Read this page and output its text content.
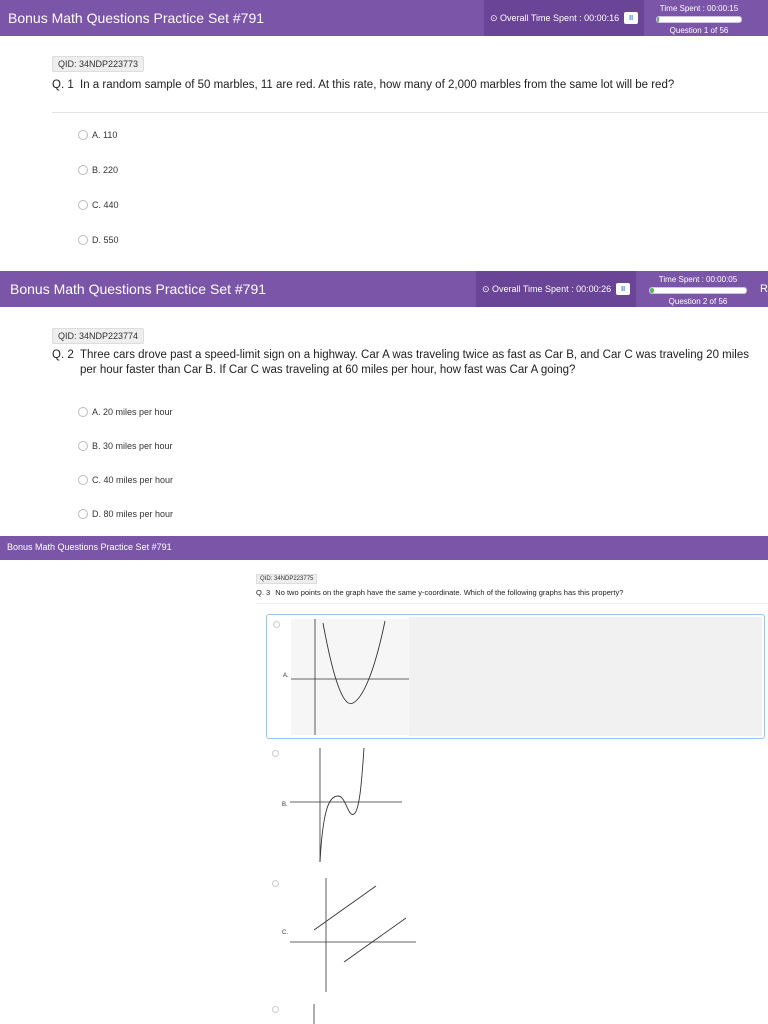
Bonus Math Questions Practice Set #791	⊙ Overall Time Spent : 00:00:16	II
Time Spent : 00:00:15
Question 1 of 56
QID: 34NDP223773
Q. 1 In a random sample of 50 marbles, 11 are red. At this rate, how many of 2,000 marbles from the same lot will be red?
A. 110
B. 220
C. 440
D. 550
Bonus Math Questions Practice Set #791	⊙ Overall Time Spent : 00:00:26	II
Time Spent : 00:00:05
Question 2 of 56
R
QID: 34NDP223774
Q. 2 Three cars drove past a speed-limit sign on a highway. Car A was traveling twice as fast as Car B, and Car C was traveling 20 miles per hour faster than Car B. If Car C was traveling at 60 miles per hour, how fast was Car A going?
A. 20 miles per hour
B. 30 miles per hour
C. 40 miles per hour
D. 80 miles per hour
Bonus Math Questions Practice Set #791
QID: 34NDP223775
Q. 3 No two points on the graph have the same y-coordinate. Which of the following graphs has this property?
A.
B.
C.
